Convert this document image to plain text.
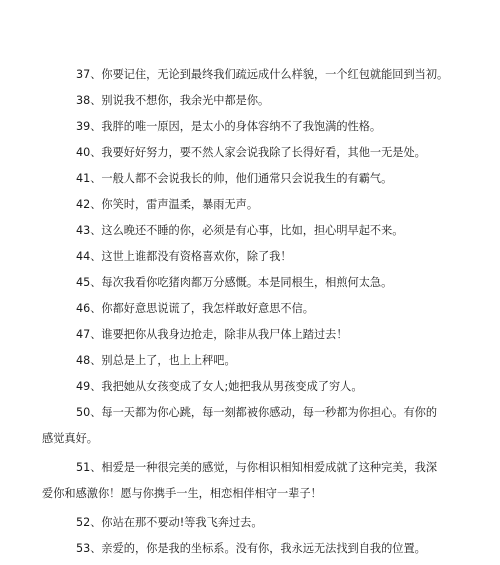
37、你要记住，无论到最终我们疏远成什么样貌，一个红包就能回到当初。

38、别说我不想你，我余光中都是你。

39、我胖的唯一原因，是太小的身体容纳不了我饱满的性格。

40、我要好好努力，要不然人家会说我除了长得好看，其他一无是处。

41、一般人都不会说我长的帅，他们通常只会说我生的有霸气。

42、你笑时，雷声温柔，暴雨无声。

43、这么晚还不睡的你，必须是有心事，比如，担心明早起不来。

44、这世上谁都没有资格喜欢你，除了我！

45、每次我看你吃猪肉都万分感慨。本是同根生，相煎何太急。

46、你都好意思说谎了，我怎样敢好意思不信。

47、谁要把你从我身边抢走，除非从我尸体上踏过去！

48、别总是上了，也上上秤吧。

49、我把她从女孩变成了女人;她把我从男孩变成了穷人。

50、每一天都为你心跳，每一刻都被你感动，每一秒都为你担心。有你的
感觉真好。
51、相爱是一种很完美的感觉，与你相识相知相爱成就了这种完美，我深
爱你和感激你！愿与你携手一生，相恋相伴相守一辈子！

52、你站在那不要动!等我飞奔过去。

53、亲爱的，你是我的坐标系。没有你，我永远无法找到自我的位置。
